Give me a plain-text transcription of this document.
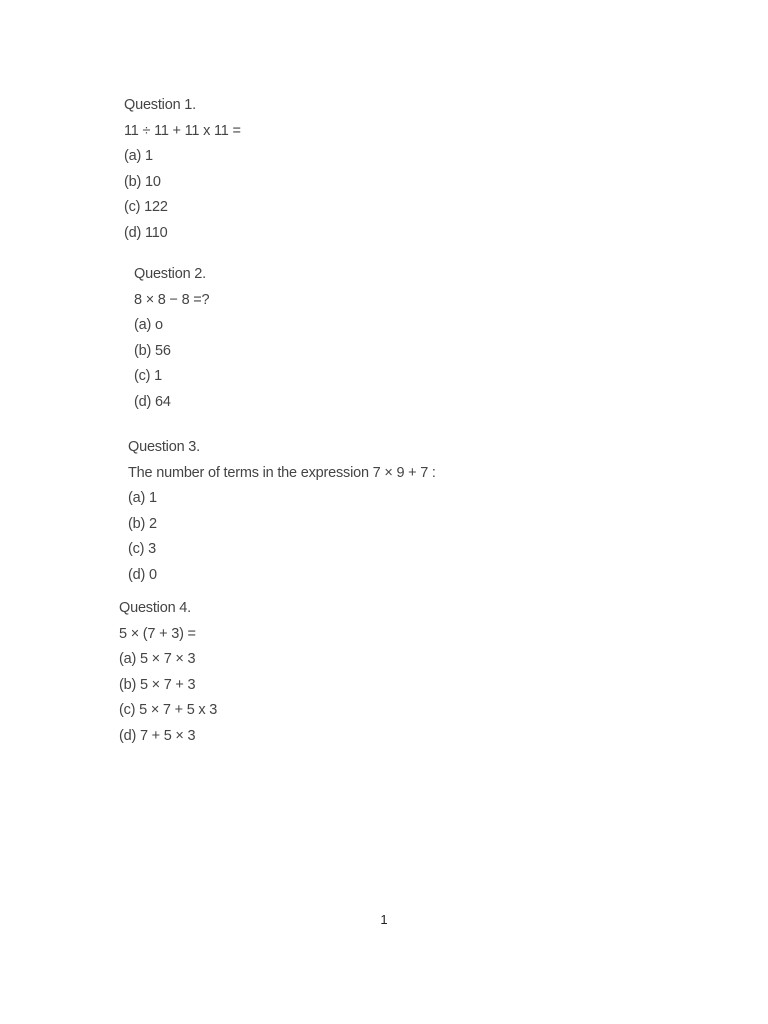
Question 1.
11 ÷ 11 + 11 x 11 =
(a) 1
(b) 10
(c) 122
(d) 110
Question 2.
8 × 8 − 8 =?
(a) o
(b) 56
(c) 1
(d) 64
Question 3.
The number of terms in the expression 7 × 9 + 7 :
(a) 1
(b) 2
(c) 3
(d) 0
Question 4.
5 × (7 + 3) =
(a) 5 × 7 × 3
(b) 5 × 7 + 3
(c) 5 × 7 + 5 x 3
(d) 7 + 5 × 3
1
